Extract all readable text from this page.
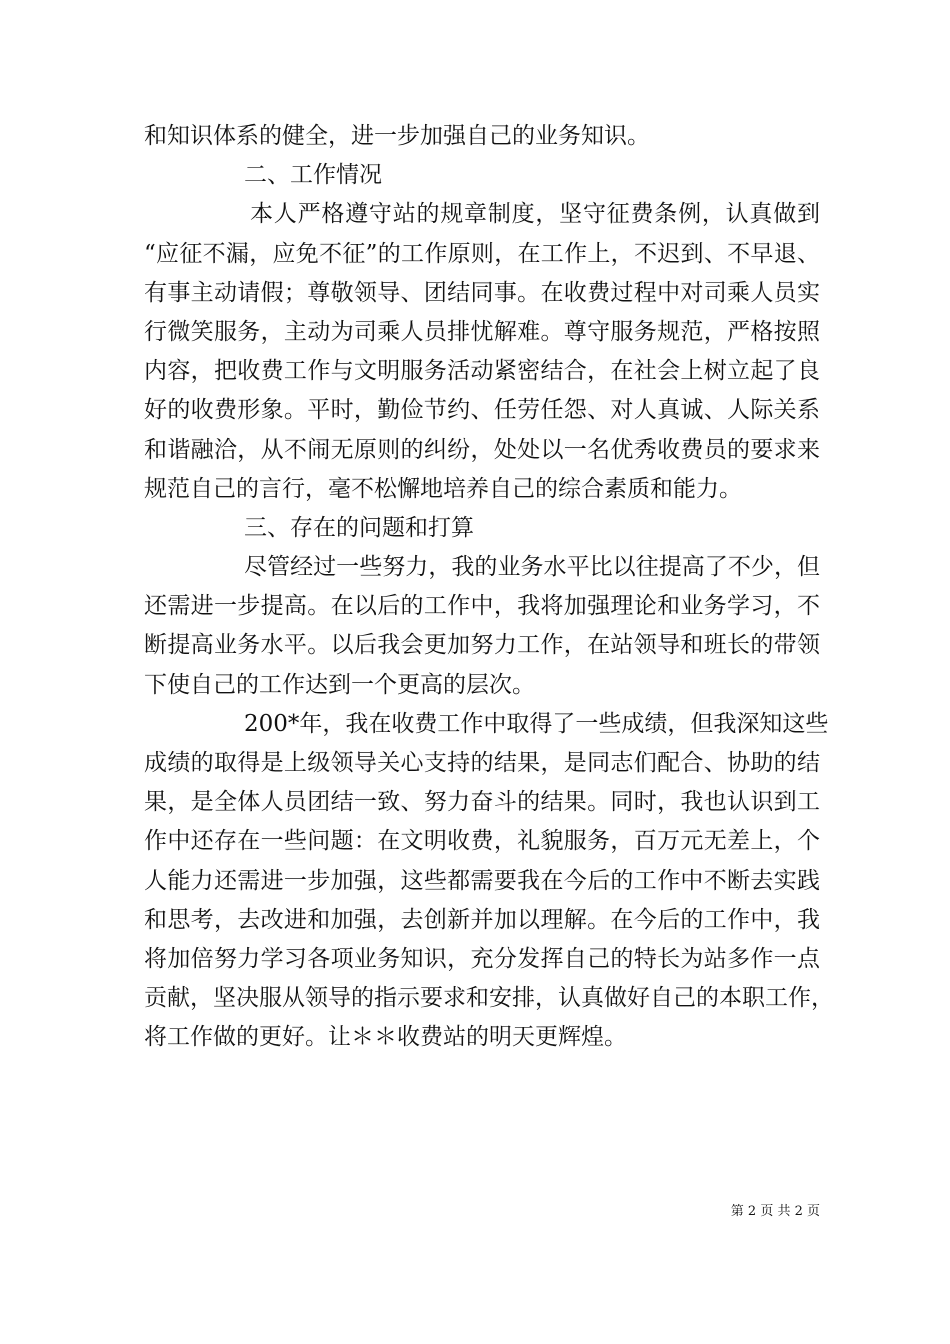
和知识体系的健全，进一步加强自己的业务知识。
二、工作情况
本人严格遵守站的规章制度，坚守征费条例，认真做到
“应征不漏，应免不征”的工作原则，在工作上，不迟到、不早退、
有事主动请假；尊敬领导、团结同事。在收费过程中对司乘人员实
行微笑服务，主动为司乘人员排忧解难。尊守服务规范，严格按照
内容，把收费工作与文明服务活动紧密结合，在社会上树立起了良
好的收费形象。平时，勤俭节约、任劳任怨、对人真诚、人际关系
和谐融洽，从不闹无原则的纠纷，处处以一名优秀收费员的要求来
规范自己的言行，毫不松懈地培养自己的综合素质和能力。
三、存在的问题和打算
尽管经过一些努力，我的业务水平比以往提高了不少，但
还需进一步提高。在以后的工作中，我将加强理论和业务学习，不
断提高业务水平。以后我会更加努力工作，在站领导和班长的带领
下使自己的工作达到一个更高的层次。
200*年，我在收费工作中取得了一些成绩，但我深知这些
成绩的取得是上级领导关心支持的结果，是同志们配合、协助的结
果，是全体人员团结一致、努力奋斗的结果。同时，我也认识到工
作中还存在一些问题：在文明收费，礼貌服务，百万元无差上，个
人能力还需进一步加强，这些都需要我在今后的工作中不断去实践
和思考，去改进和加强，去创新并加以理解。在今后的工作中，我
将加倍努力学习各项业务知识，充分发挥自己的特长为站多作一点
贡献，坚决服从领导的指示要求和安排，认真做好自己的本职工作，
将工作做的更好。让＊＊收费站的明天更辉煌。
第 2 页 共 2 页
